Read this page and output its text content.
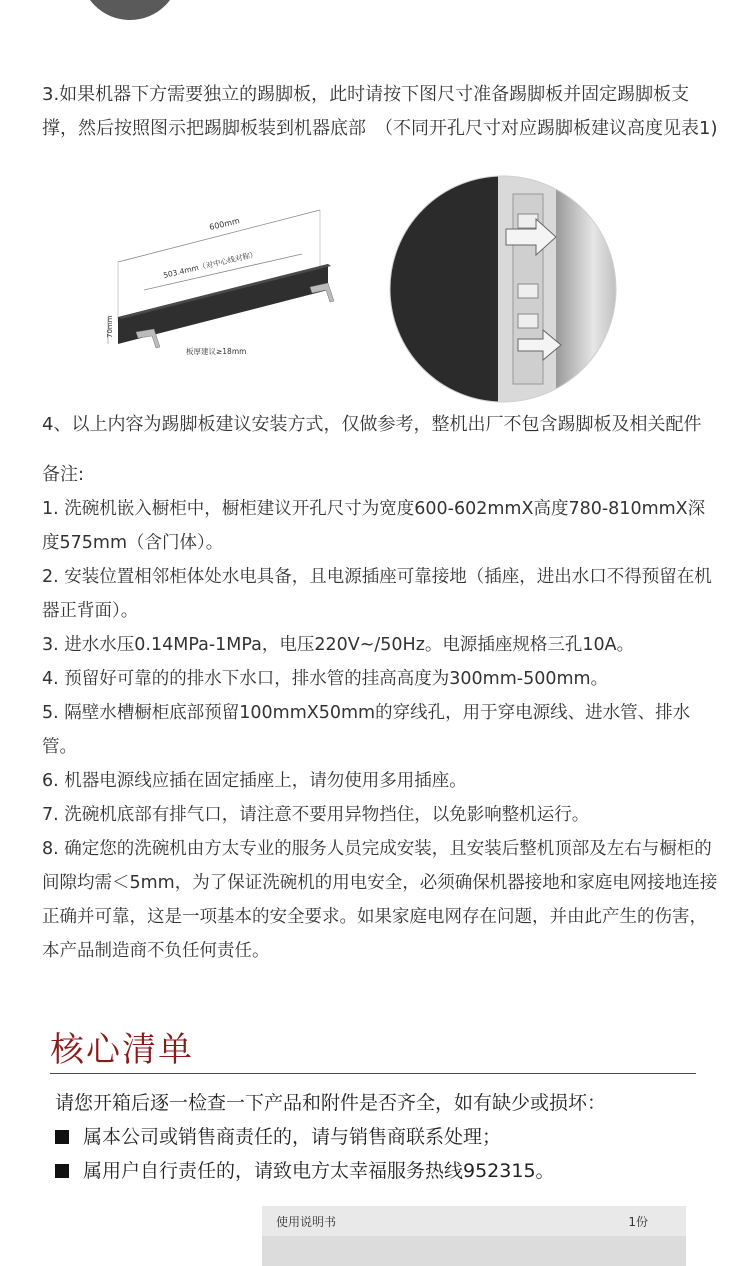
3.如果机器下方需要独立的踢脚板，此时请按下图尺寸准备踢脚板并固定踢脚板支撑，然后按照图示把踢脚板装到机器底部　（不同开孔尺寸对应踢脚板建议高度见表1)
600mm
503.4mm（对中心线对称）
70mm
板厚建议≥18mm
4、以上内容为踢脚板建议安装方式，仅做参考，整机出厂不包含踢脚板及相关配件
备注:
1. 洗碗机嵌入橱柜中，橱柜建议开孔尺寸为宽度600-602mmX高度780-810mmX深度575mm（含门体）。
2. 安装位置相邻柜体处水电具备，且电源插座可靠接地（插座，进出水口不得预留在机器正背面）。
3. 进水水压0.14MPa-1MPa，电压220V~/50Hz。电源插座规格三孔10A。
4. 预留好可靠的的排水下水口，排水管的挂高高度为300mm-500mm。
5. 隔壁水槽橱柜底部预留100mmX50mm的穿线孔，用于穿电源线、进水管、排水管。
6. 机器电源线应插在固定插座上，请勿使用多用插座。
7. 洗碗机底部有排气口，请注意不要用异物挡住，以免影响整机运行。
8. 确定您的洗碗机由方太专业的服务人员完成安装，且安装后整机顶部及左右与橱柜的间隙均需＜5mm，为了保证洗碗机的用电安全，必须确保机器接地和家庭电网接地连接正确并可靠，这是一项基本的安全要求。如果家庭电网存在问题，并由此产生的伤害，本产品制造商不负任何责任。
核心清单
请您开箱后逐一检查一下产品和附件是否齐全，如有缺少或损坏：
属本公司或销售商责任的，请与销售商联系处理；
属用户自行责任的，请致电方太幸福服务热线952315。
使用说明书	1份
